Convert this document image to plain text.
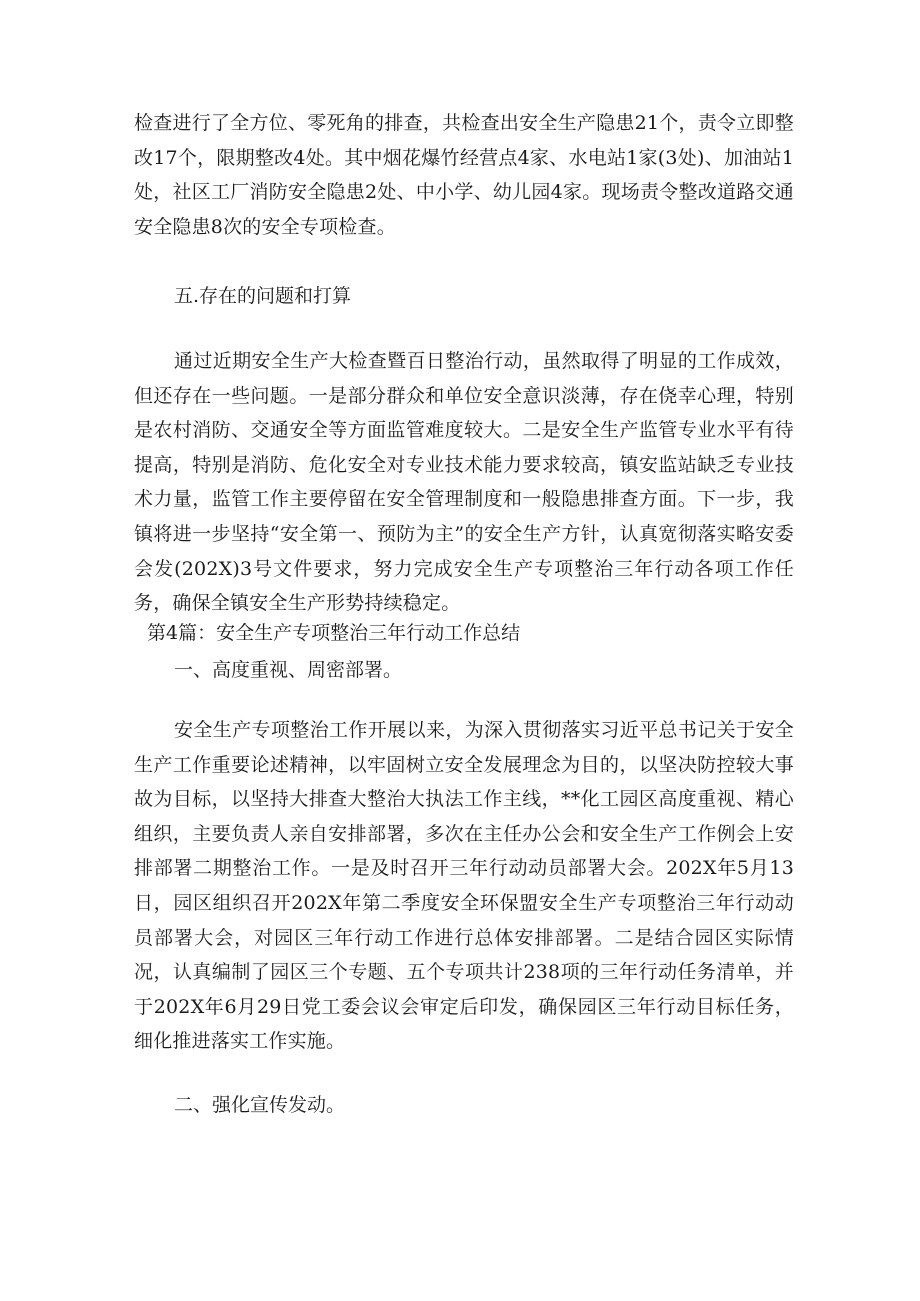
检查进行了全方位、零死角的排查，共检查出安全生产隐患21个，责令立即整改17个，限期整改4处。其中烟花爆竹经营点4家、水电站1家(3处)、加油站1处，社区工厂消防安全隐患2处、中小学、幼儿园4家。现场责令整改道路交通安全隐患8次的安全专项检查。

五.存在的问题和打算

通过近期安全生产大检查暨百日整治行动，虽然取得了明显的工作成效，但还存在一些问题。一是部分群众和单位安全意识淡薄，存在侥幸心理，特别是农村消防、交通安全等方面监管难度较大。二是安全生产监管专业水平有待提高，特别是消防、危化安全对专业技术能力要求较高，镇安监站缺乏专业技术力量，监管工作主要停留在安全管理制度和一般隐患排查方面。下一步，我镇将进一步坚持“安全第一、预防为主”的安全生产方针，认真宽彻落实略安委会发(202X)3号文件要求，努力完成安全生产专项整治三年行动各项工作任务，确保全镇安全生产形势持续稳定。

第4篇：安全生产专项整治三年行动工作总结

一、高度重视、周密部署。

安全生产专项整治工作开展以来，为深入贯彻落实习近平总书记关于安全生产工作重要论述精神，以牢固树立安全发展理念为目的，以坚决防控较大事故为目标，以坚持大排查大整治大执法工作主线，**化工园区高度重视、精心组织，主要负责人亲自安排部署，多次在主任办公会和安全生产工作例会上安排部署二期整治工作。一是及时召开三年行动动员部署大会。202X年5月13日，园区组织召开202X年第二季度安全环保盟安全生产专项整治三年行动动员部署大会，对园区三年行动工作进行总体安排部署。二是结合园区实际情况，认真编制了园区三个专题、五个专项共计238项的三年行动任务清单，并于202X年6月29日党工委会议会审定后印发，确保园区三年行动目标任务，细化推进落实工作实施。

二、强化宣传发动。
